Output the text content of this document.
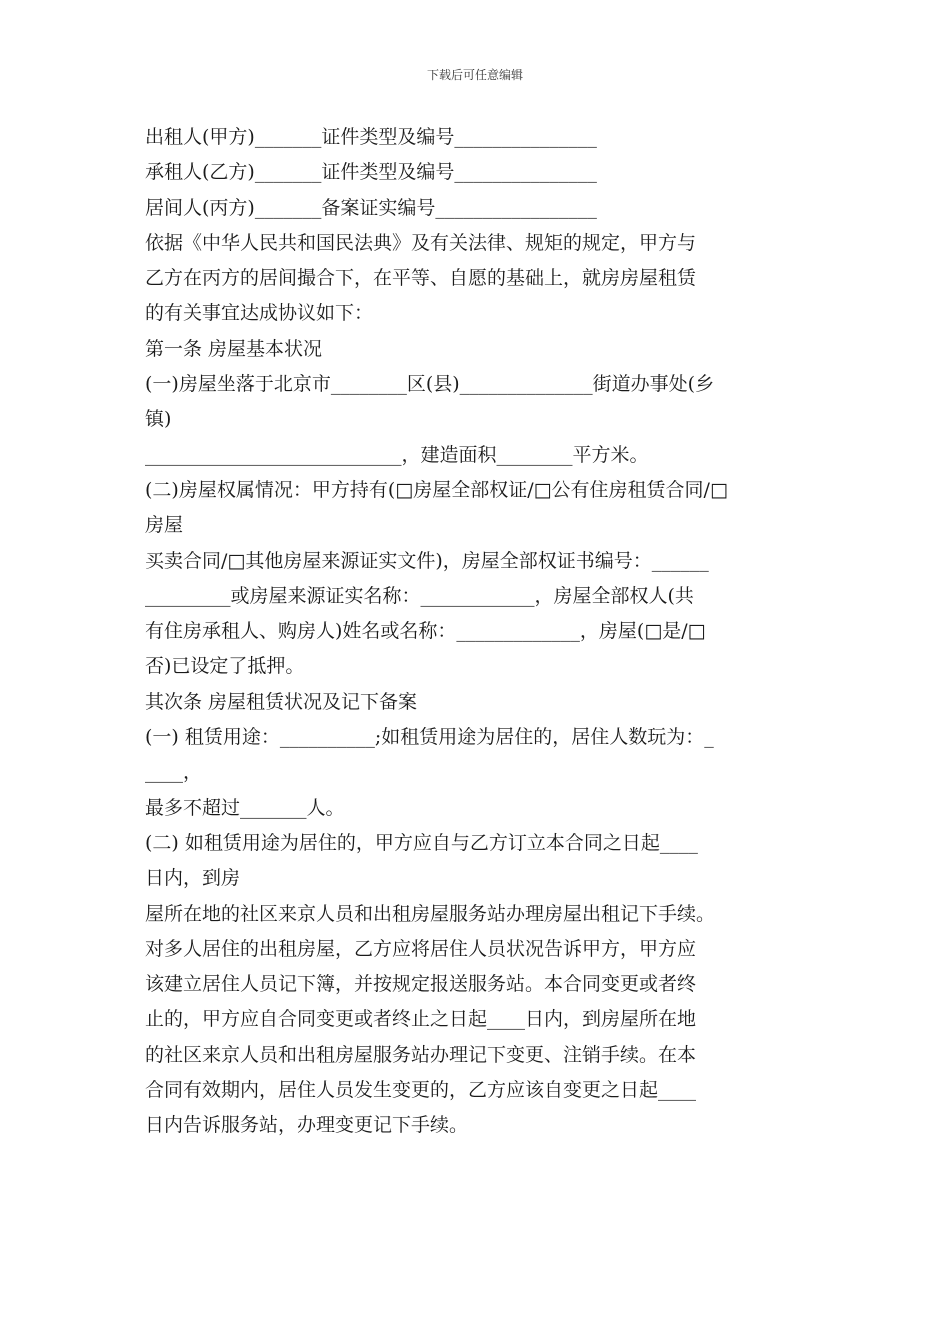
下载后可任意编辑
出租人(甲方)_______证件类型及编号_______________
承租人(乙方)_______证件类型及编号_______________
居间人(丙方)_______备案证实编号_________________
依据《中华人民共和国民法典》及有关法律、规矩的规定，甲方与
乙方在丙方的居间撮合下，在平等、自愿的基础上，就房房屋租赁
的有关事宜达成协议如下：
第一条 房屋基本状况
(一)房屋坐落于北京市________区(县)______________街道办事处(乡
镇)
___________________________，建造面积________平方米。
(二)房屋权属情况：甲方持有(□房屋全部权证/□公有住房租赁合同/□
房屋
买卖合同/□其他房屋来源证实文件)，房屋全部权证书编号：______
_________或房屋来源证实名称：____________，房屋全部权人(共
有住房承租人、购房人)姓名或名称：_____________，房屋(□是/□
否)已设定了抵押。
其次条 房屋租赁状况及记下备案
(一) 租赁用途：__________;如租赁用途为居住的，居住人数玩为：_
____，
最多不超过_______人。
(二) 如租赁用途为居住的，甲方应自与乙方订立本合同之日起____
日内，到房
屋所在地的社区来京人员和出租房屋服务站办理房屋出租记下手续。
对多人居住的出租房屋，乙方应将居住人员状况告诉甲方，甲方应
该建立居住人员记下簿，并按规定报送服务站。本合同变更或者终
止的，甲方应自合同变更或者终止之日起____日内，到房屋所在地
的社区来京人员和出租房屋服务站办理记下变更、注销手续。在本
合同有效期内，居住人员发生变更的，乙方应该自变更之日起____
日内告诉服务站，办理变更记下手续。
